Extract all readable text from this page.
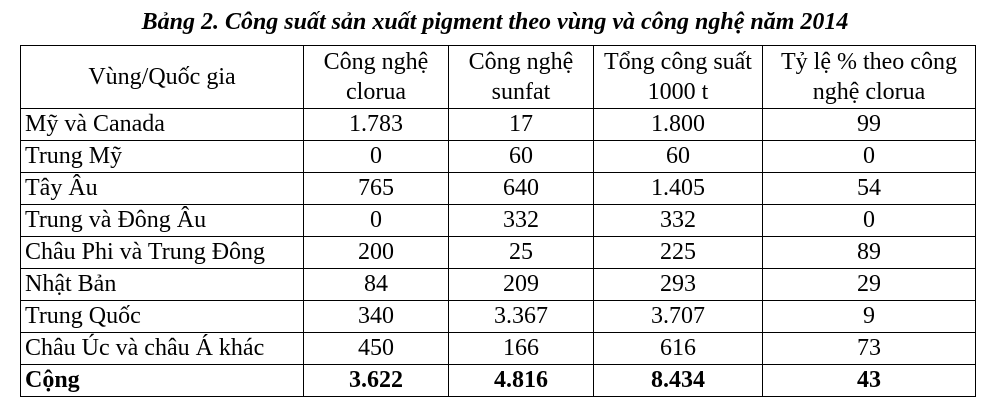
Bảng 2. Công suất sản xuất pigment theo vùng và công nghệ năm 2014
Vùng/Quốc gia	Công nghệ clorua	Công nghệ sunfat	Tổng công suất 1000 t	Tỷ lệ % theo công nghệ clorua
Mỹ và Canada	1.783	17	1.800	99
Trung Mỹ	0	60	60	0
Tây Âu	765	640	1.405	54
Trung và Đông Âu	0	332	332	0
Châu Phi và Trung Đông	200	25	225	89
Nhật Bản	84	209	293	29
Trung Quốc	340	3.367	3.707	9
Châu Úc và châu Á khác	450	166	616	73
Cộng	3.622	4.816	8.434	43
